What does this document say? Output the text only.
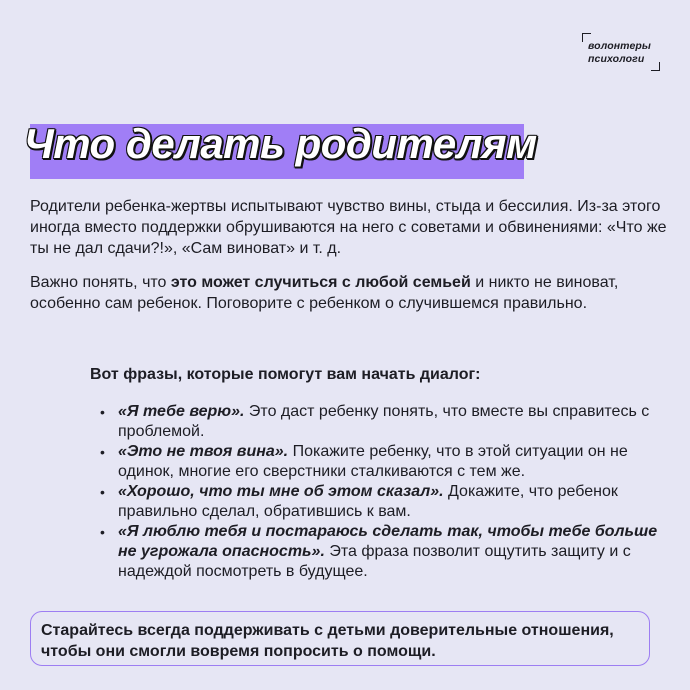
волонтеры
психологи
Что делать родителям

Родители ребенка-жертвы испытывают чувство вины, стыда и бессилия. Из-за этого иногда вместо поддержки обрушиваются на него с советами и обвинениями: «Что же ты не дал сдачи?!», «Сам виноват» и т. д.

Важно понять, что это может случиться с любой семьей и никто не виноват, особенно сам ребенок. Поговорите с ребенком о случившемся правильно.

Вот фразы, которые помогут вам начать диалог:
• «Я тебе верю». Это даст ребенку понять, что вместе вы справитесь с проблемой.
• «Это не твоя вина». Покажите ребенку, что в этой ситуации он не одинок, многие его сверстники сталкиваются с тем же.
• «Хорошо, что ты мне об этом сказал». Докажите, что ребенок правильно сделал, обратившись к вам.
• «Я люблю тебя и постараюсь сделать так, чтобы тебе больше не угрожала опасность». Эта фраза позволит ощутить защиту и с надеждой посмотреть в будущее.
Старайтесь всегда поддерживать с детьми доверительные отношения, чтобы они смогли вовремя попросить о помощи.
